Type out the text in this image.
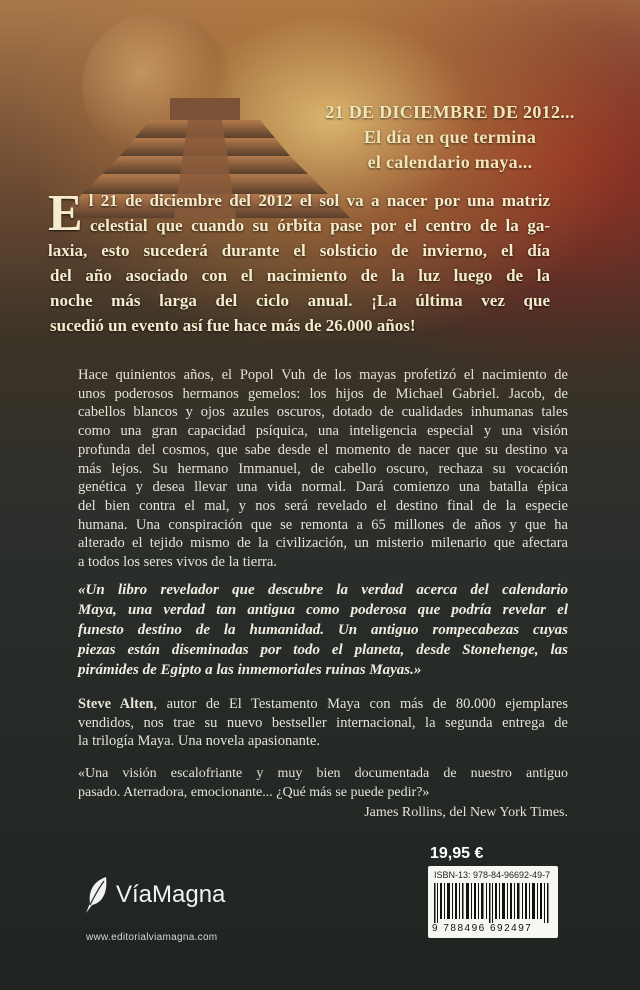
21 DE DICIEMBRE DE 2012...
El día en que termina
el calendario maya...
E l 21 de diciembre del 2012 el sol va a nacer por una matriz
celestial que cuando su órbita pase por el centro de la ga-
laxia, esto sucederá durante el solsticio de invierno, el día
del año asociado con el nacimiento de la luz luego de la
noche más larga del ciclo anual. ¡La última vez que
sucedió un evento así fue hace más de 26.000 años!
Hace quinientos años, el Popol Vuh de los mayas profetizó el nacimiento de
unos poderosos hermanos gemelos: los hijos de Michael Gabriel. Jacob, de
cabellos blancos y ojos azules oscuros, dotado de cualidades inhumanas tales
como una gran capacidad psíquica, una inteligencia especial y una visión
profunda del cosmos, que sabe desde el momento de nacer que su destino va
más lejos. Su hermano Immanuel, de cabello oscuro, rechaza su vocación
genética y desea llevar una vida normal. Dará comienzo una batalla épica
del bien contra el mal, y nos será revelado el destino final de la especie
humana. Una conspiración que se remonta a 65 millones de años y que ha
alterado el tejido mismo de la civilización, un misterio milenario que afectara
a todos los seres vivos de la tierra.
«Un libro revelador que descubre la verdad acerca del calendario
Maya, una verdad tan antigua como poderosa que podría revelar el
funesto destino de la humanidad. Un antiguo rompecabezas cuyas
piezas están diseminadas por todo el planeta, desde Stonehenge, las
pirámides de Egipto a las inmemoriales ruinas Mayas.»
Steve Alten, autor de El Testamento Maya con más de 80.000 ejemplares
vendidos, nos trae su nuevo bestseller internacional, la segunda entrega de
la trilogía Maya. Una novela apasionante.
«Una visión escalofriante y muy bien documentada de nuestro antiguo
pasado. Aterradora, emocionante... ¿Qué más se puede pedir?»
James Rollins, del New York Times.
19,95 €
ISBN-13: 978-84-96692-49-7
9 788496 692497
VíaMagna
www.editorialviamagna.com
